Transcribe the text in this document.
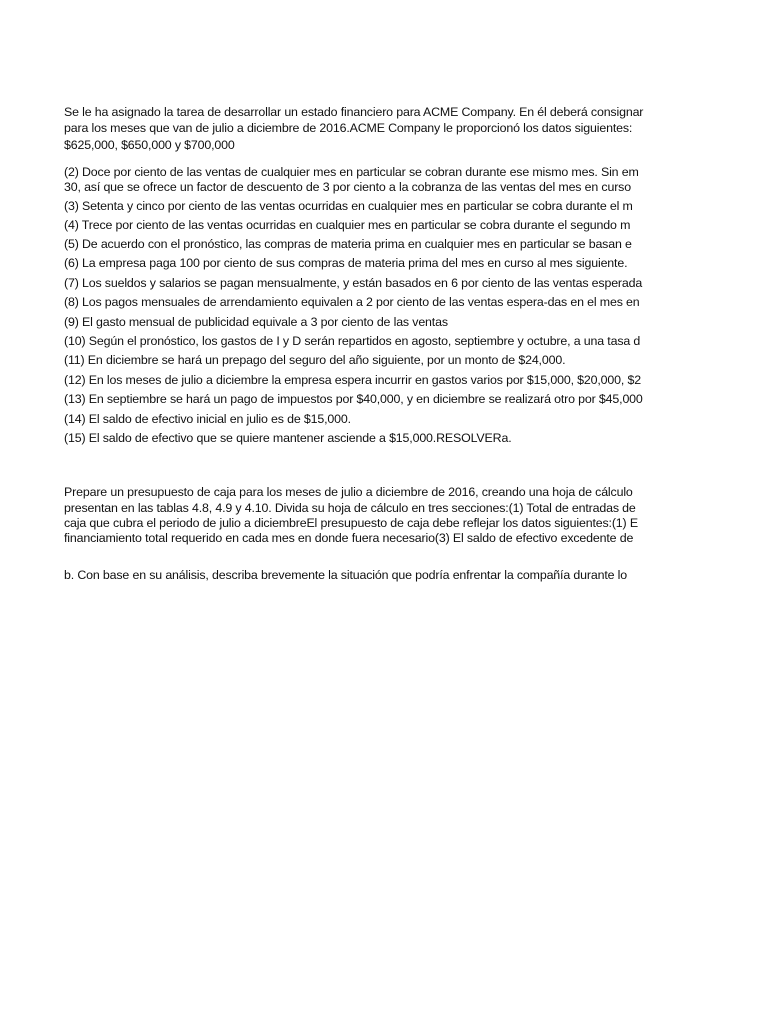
Se le ha asignado la tarea de desarrollar un estado financiero para ACME Company. En él deberá consignar
para los meses que van de julio a diciembre de 2016.ACME Company le proporcionó los datos siguientes:
$625,000, $650,000 y $700,000
(2) Doce por ciento de las ventas de cualquier mes en particular se cobran durante ese mismo mes. Sin em
30, así que se ofrece un factor de descuento de 3 por ciento a la cobranza de las ventas del mes en curso
(3) Setenta y cinco por ciento de las ventas ocurridas en cualquier mes en particular se cobra durante el m
(4) Trece por ciento de las ventas ocurridas en cualquier mes en particular se cobra durante el segundo m
(5) De acuerdo con el pronóstico, las compras de materia prima en cualquier mes en particular se basan e
(6) La empresa paga 100 por ciento de sus compras de materia prima del mes en curso al mes siguiente.
(7) Los sueldos y salarios se pagan mensualmente, y están basados en 6 por ciento de las ventas esperada
(8) Los pagos mensuales de arrendamiento equivalen a 2 por ciento de las ventas espera-das en el mes en
(9) El gasto mensual de publicidad equivale a 3 por ciento de las ventas
(10) Según el pronóstico, los gastos de I y D serán repartidos en agosto, septiembre y octubre, a una tasa d
(11) En diciembre se hará un prepago del seguro del año siguiente, por un monto de $24,000.
(12) En los meses de julio a diciembre la empresa espera incurrir en gastos varios por $15,000, $20,000, $2
(13) En septiembre se hará un pago de impuestos por $40,000, y en diciembre se realizará otro por $45,000
(14) El saldo de efectivo inicial en julio es de $15,000.
(15) El saldo de efectivo que se quiere mantener asciende a $15,000.RESOLVERa.
Prepare un presupuesto de caja para los meses de julio a diciembre de 2016, creando una hoja de cálculo
presentan en las tablas 4.8, 4.9 y 4.10. Divida su hoja de cálculo en tres secciones:(1) Total de entradas de
caja que cubra el periodo de julio a diciembreEl presupuesto de caja debe reflejar los datos siguientes:(1) E
financiamiento total requerido en cada mes en donde fuera necesario(3) El saldo de efectivo excedente de
b. Con base en su análisis, describa brevemente la situación que podría enfrentar la compañía durante lo
